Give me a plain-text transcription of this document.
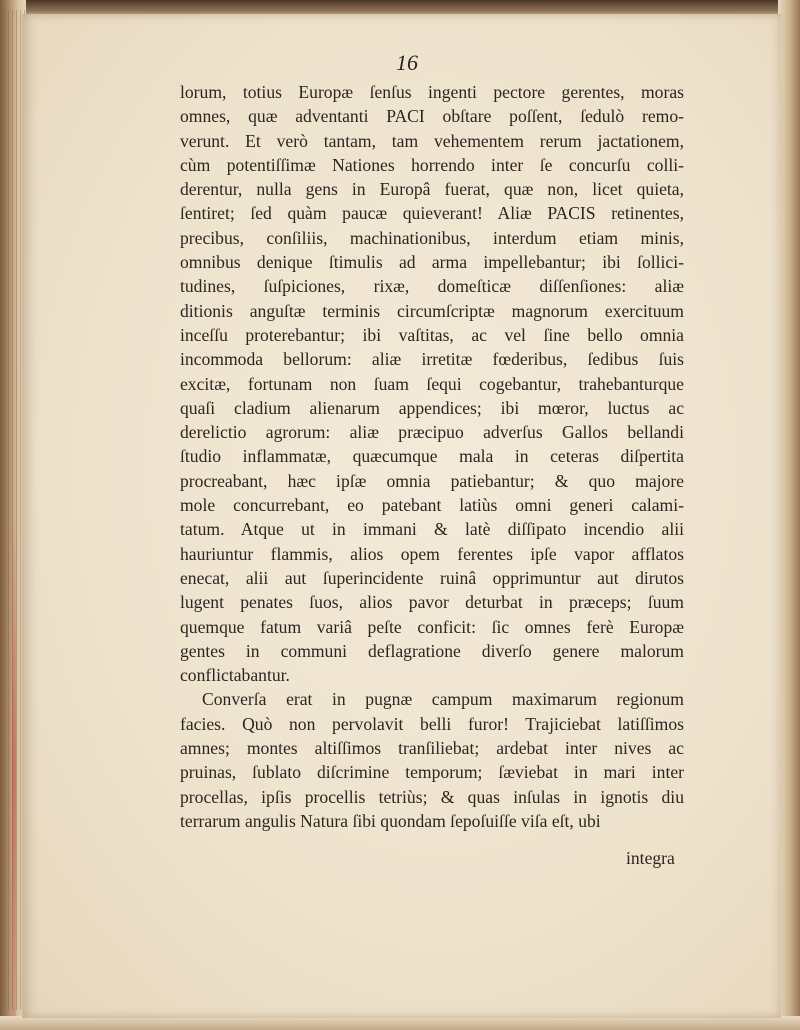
16
lorum, totius Europæ ſenſus ingenti pectore gerentes, moras
omnes, quæ adventanti PACI obſtare poſſent, ſedulò remo-
verunt. Et verò tantam, tam vehementem rerum jactationem,
cùm potentiſſimæ Nationes horrendo inter ſe concurſu colli-
derentur, nulla gens in Europâ fuerat, quæ non, licet quieta,
ſentiret; ſed quàm paucæ quieverant! Aliæ PACIS retinentes,
precibus, conſiliis, machinationibus, interdum etiam minis,
omnibus denique ſtimulis ad arma impellebantur; ibi ſollici-
tudines, ſuſpiciones, rixæ, domeſticæ diſſenſiones: aliæ
ditionis anguſtæ terminis circumſcriptæ magnorum exercituum
inceſſu proterebantur; ibi vaſtitas, ac vel ſine bello omnia
incommoda bellorum: aliæ irretitæ fœderibus, ſedibus ſuis
excitæ, fortunam non ſuam ſequi cogebantur, trahebanturque
quaſi cladium alienarum appendices; ibi mœror, luctus ac
derelictio agrorum: aliæ præcipuo adverſus Gallos bellandi
ſtudio inflammatæ, quæcumque mala in ceteras diſpertita
procreabant, hæc ipſæ omnia patiebantur; & quo majore
mole concurrebant, eo patebant latiùs omni generi calami-
tatum. Atque ut in immani & latè diſſipato incendio alii
hauriuntur flammis, alios opem ferentes ipſe vapor afflatos
enecat, alii aut ſuperincidente ruinâ opprimuntur aut dirutos
lugent penates ſuos, alios pavor deturbat in præceps; ſuum
quemque fatum variâ peſte conficit: ſic omnes ferè Europæ
gentes in communi deflagratione diverſo genere malorum
conflictabantur.
Converſa erat in pugnæ campum maximarum regionum
facies. Quò non pervolavit belli furor! Trajiciebat latiſſimos
amnes; montes altiſſimos tranſiliebat; ardebat inter nives ac
pruinas, ſublato diſcrimine temporum; ſæviebat in mari inter
procellas, ipſis procellis tetriùs; & quas inſulas in ignotis diu
terrarum angulis Natura ſibi quondam ſepoſuiſſe viſa eſt, ubi
integra
